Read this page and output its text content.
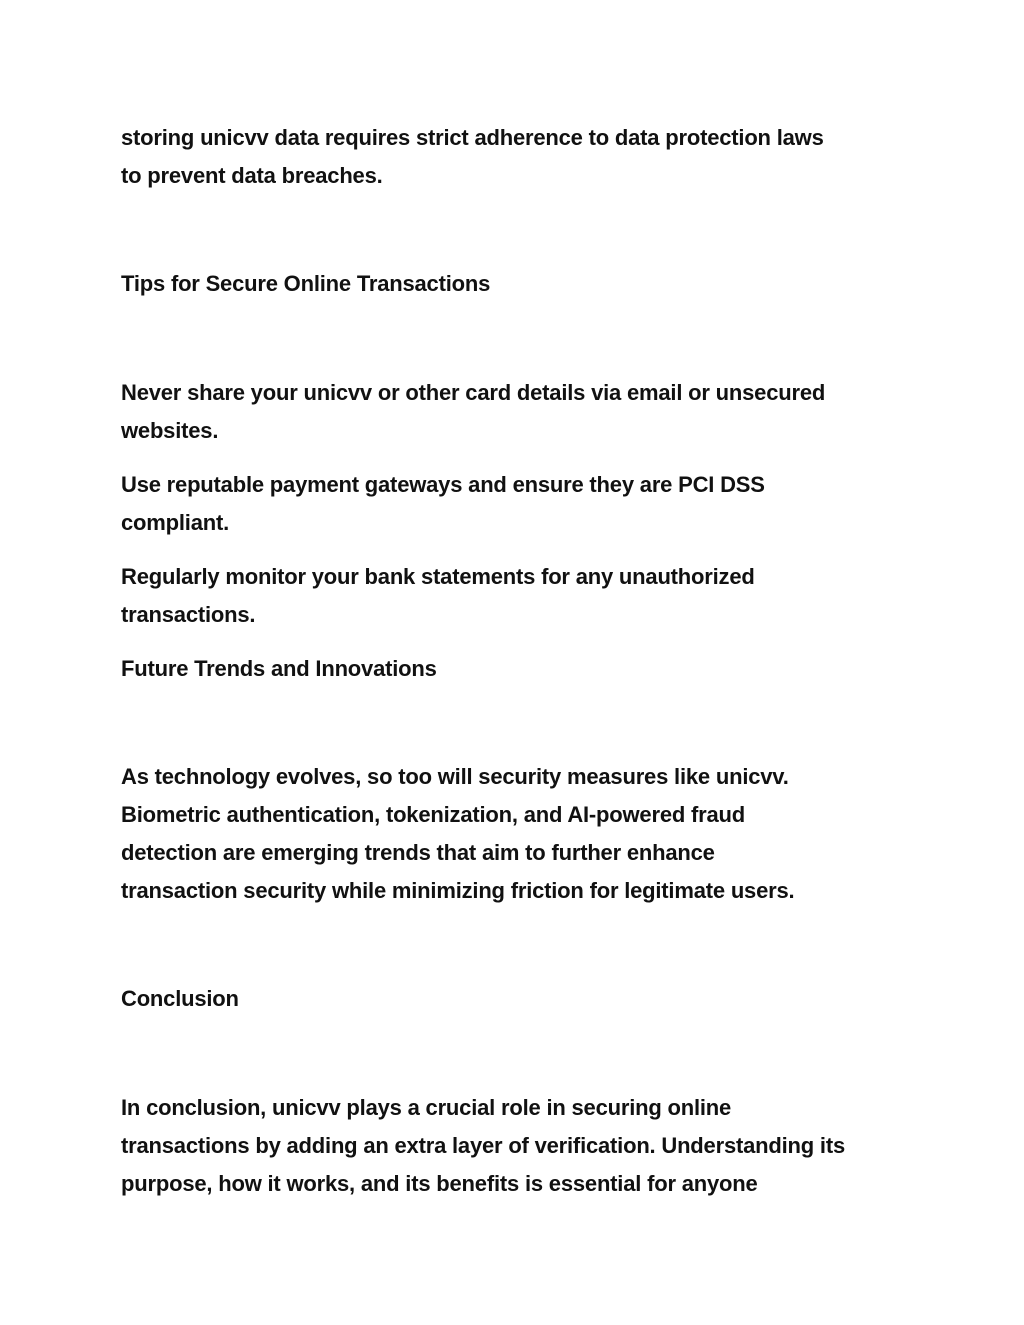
storing unicvv data requires strict adherence to data protection laws
to prevent data breaches.
Tips for Secure Online Transactions
Never share your unicvv or other card details via email or unsecured
websites.
Use reputable payment gateways and ensure they are PCI DSS
compliant.
Regularly monitor your bank statements for any unauthorized
transactions.
Future Trends and Innovations
As technology evolves, so too will security measures like unicvv.
Biometric authentication, tokenization, and AI-powered fraud
detection are emerging trends that aim to further enhance
transaction security while minimizing friction for legitimate users.
Conclusion
In conclusion, unicvv plays a crucial role in securing online
transactions by adding an extra layer of verification. Understanding its
purpose, how it works, and its benefits is essential for anyone
